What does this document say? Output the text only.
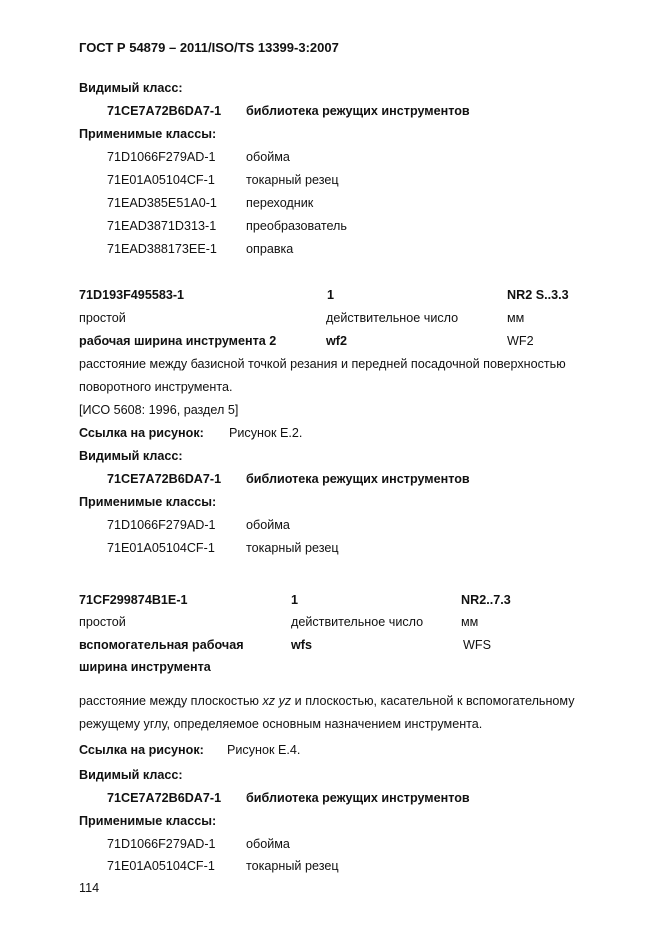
ГОСТ Р 54879 – 2011/ISO/TS 13399-3:2007
Видимый класс:
71CE7A72B6DA7-1 библиотека режущих инструментов
Применимые классы:
71D1066F279AD-1 обойма
71E01A05104CF-1 токарный резец
71EAD385E51A0-1 переходник
71EAD3871D313-1 преобразователь
71EAD388173EE-1 оправка
71D193F495583-1	1	NR2 S..3.3
простой	действительное число	мм
рабочая ширина инструмента 2	wf2	WF2
расстояние между базисной точкой резания и передней посадочной поверхностью
поворотного инструмента.
[ИСО 5608: 1996, раздел 5]
Ссылка на рисунок: Рисунок Е.2.
Видимый класс:
71CE7A72B6DA7-1 библиотека режущих инструментов
Применимые классы:
71D1066F279AD-1 обойма
71E01A05104CF-1 токарный резец
71CF299874B1E-1	1	NR2..7.3
простой	действительное число	мм
вспомогательная рабочая	wfs	WFS
ширина инструмента
расстояние между плоскостью xz yz и плоскостью, касательной к вспомогательному
режущему углу, определяемое основным назначением инструмента.
Ссылка на рисунок: Рисунок Е.4.
Видимый класс:
71CE7A72B6DA7-1 библиотека режущих инструментов
Применимые классы:
71D1066F279AD-1 обойма
71E01A05104CF-1 токарный резец
114
